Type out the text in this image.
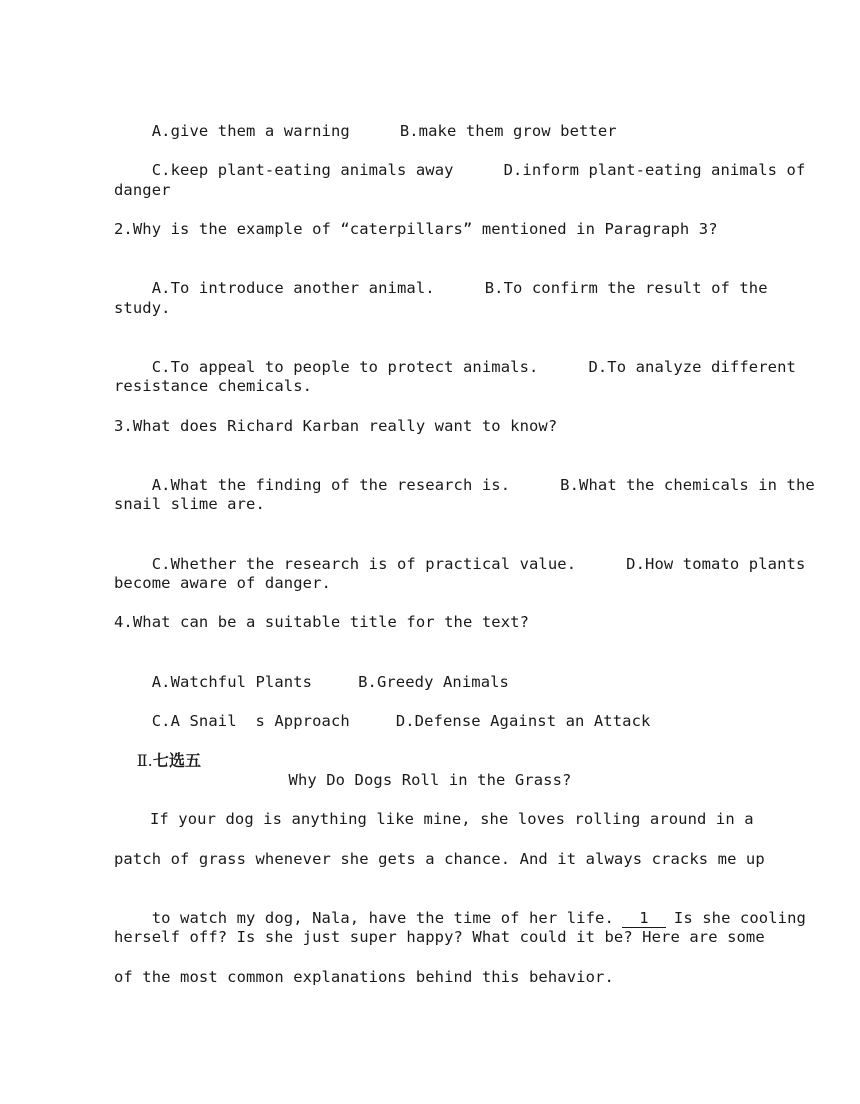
A.give them a warning	B.make them grow better

C.keep plant-eating animals away	D.inform plant-eating animals of

danger
2.Why is the example of “caterpillars” mentioned in Paragraph 3?

A.To introduce another animal.	B.To confirm the result of the

study.

C.To appeal to people to protect animals.	D.To analyze different

resistance chemicals.
3.What does Richard Karban really want to know?

A.What the finding of the research is.	B.What the chemicals in the

snail slime are.

C.Whether the research is of practical value.	D.How tomato plants

become aware of danger.
4.What can be a suitable title for the text?

A.Watchful Plants	B.Greedy Animals

C.A Snail  s Approach	D.Defense Against an Attack

Ⅱ.七选五

Why Do Dogs Roll in the Grass?
If your dog is anything like mine, she loves rolling around in a
patch of grass whenever she gets a chance. And it always cracks me up

to watch my dog, Nala, have the time of her life. 1 Is she cooling

herself off? Is she just super happy? What could it be? Here are some
of the most common explanations behind this behavior.
